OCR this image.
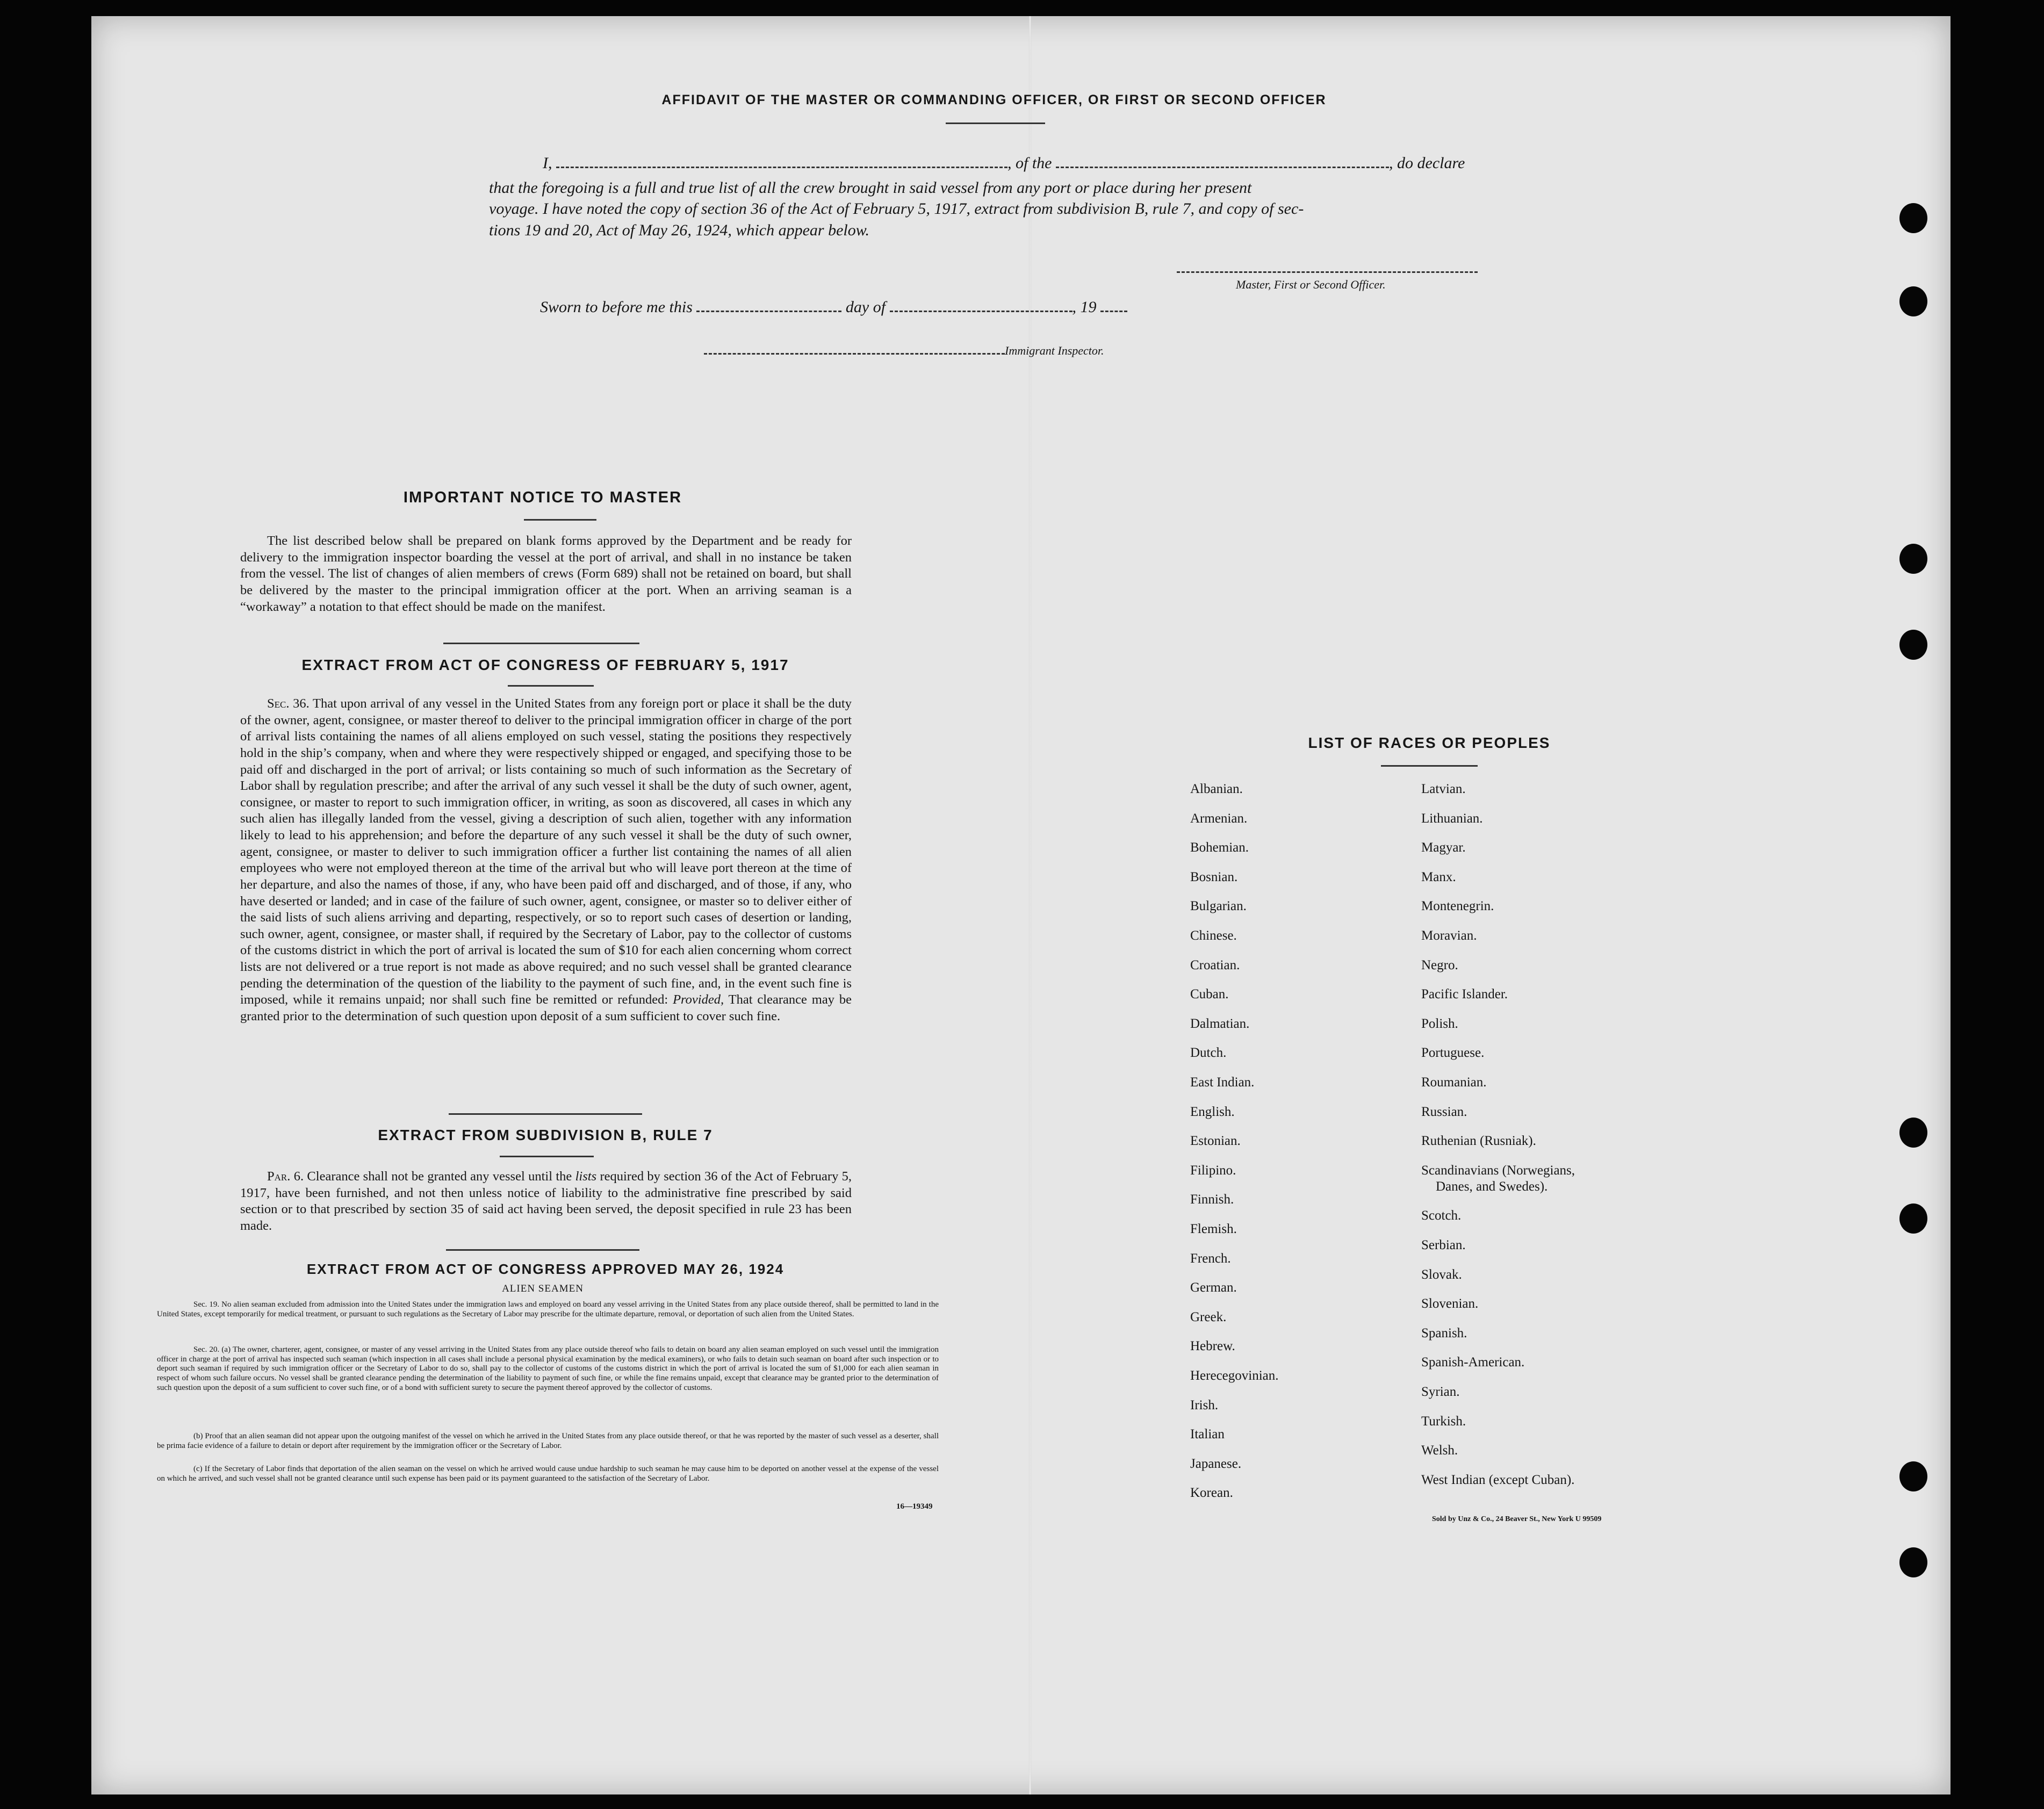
AFFIDAVIT OF THE MASTER OR COMMANDING OFFICER, OR FIRST OR SECOND OFFICER
I,	, of the	, do declare
that the foregoing is a full and true list of all the crew brought in said vessel from any port or place during her present
voyage. I have noted the copy of section 36 of the Act of February 5, 1917, extract from subdivision B, rule 7, and copy of sec-
tions 19 and 20, Act of May 26, 1924, which appear below.
Master, First or Second Officer.
Sworn to before me this	day of	, 19
Immigrant Inspector.
IMPORTANT NOTICE TO MASTER
The list described below shall be prepared on blank forms approved by the Department and be ready for delivery to the immigration inspector boarding the vessel at the port of arrival, and shall in no instance be taken from the vessel. The list of changes of alien members of crews (Form 689) shall not be retained on board, but shall be delivered by the master to the principal immigration officer at the port. When an arriving seaman is a “workaway” a notation to that effect should be made on the manifest.
EXTRACT FROM ACT OF CONGRESS OF FEBRUARY 5, 1917
Sec. 36. That upon arrival of any vessel in the United States from any foreign port or place it shall be the duty of the owner, agent, consignee, or master thereof to deliver to the principal immigration officer in charge of the port of arrival lists containing the names of all aliens employed on such vessel, stating the positions they respectively hold in the ship’s company, when and where they were respectively shipped or engaged, and specifying those to be paid off and discharged in the port of arrival; or lists containing so much of such information as the Secretary of Labor shall by regulation prescribe; and after the arrival of any such vessel it shall be the duty of such owner, agent, consignee, or master to report to such immigration officer, in writing, as soon as discovered, all cases in which any such alien has illegally landed from the vessel, giving a description of such alien, together with any information likely to lead to his apprehension; and before the departure of any such vessel it shall be the duty of such owner, agent, consignee, or master to deliver to such immigration officer a further list containing the names of all alien employees who were not employed thereon at the time of the arrival but who will leave port thereon at the time of her departure, and also the names of those, if any, who have been paid off and discharged, and of those, if any, who have deserted or landed; and in case of the failure of such owner, agent, consignee, or master so to deliver either of the said lists of such aliens arriving and departing, respectively, or so to report such cases of desertion or landing, such owner, agent, consignee, or master shall, if required by the Secretary of Labor, pay to the collector of customs of the customs district in which the port of arrival is located the sum of $10 for each alien concerning whom correct lists are not delivered or a true report is not made as above required; and no such vessel shall be granted clearance pending the determination of the question of the liability to the payment of such fine, and, in the event such fine is imposed, while it remains unpaid; nor shall such fine be remitted or refunded: Provided, That clearance may be granted prior to the determination of such question upon deposit of a sum sufficient to cover such fine.
EXTRACT FROM SUBDIVISION B, RULE 7
Par. 6. Clearance shall not be granted any vessel until the lists required by section 36 of the Act of February 5, 1917, have been furnished, and not then unless notice of liability to the administrative fine prescribed by said section or to that prescribed by section 35 of said act having been served, the deposit specified in rule 23 has been made.
EXTRACT FROM ACT OF CONGRESS APPROVED MAY 26, 1924
ALIEN SEAMEN
Sec. 19. No alien seaman excluded from admission into the United States under the immigration laws and employed on board any vessel arriving in the United States from any place outside thereof, shall be permitted to land in the United States, except temporarily for medical treatment, or pursuant to such regulations as the Secretary of Labor may prescribe for the ultimate departure, removal, or deportation of such alien from the United States.
Sec. 20. (a) The owner, charterer, agent, consignee, or master of any vessel arriving in the United States from any place outside thereof who fails to detain on board any alien seaman employed on such vessel until the immigration officer in charge at the port of arrival has inspected such seaman (which inspection in all cases shall include a personal physical examination by the medical examiners), or who fails to detain such seaman on board after such inspection or to deport such seaman if required by such immigration officer or the Secretary of Labor to do so, shall pay to the collector of customs of the customs district in which the port of arrival is located the sum of $1,000 for each alien seaman in respect of whom such failure occurs. No vessel shall be granted clearance pending the determination of the liability to payment of such fine, or while the fine remains unpaid, except that clearance may be granted prior to the determination of such question upon the deposit of a sum sufficient to cover such fine, or of a bond with sufficient surety to secure the payment thereof approved by the collector of customs.
(b) Proof that an alien seaman did not appear upon the outgoing manifest of the vessel on which he arrived in the United States from any place outside thereof, or that he was reported by the master of such vessel as a deserter, shall be prima facie evidence of a failure to detain or deport after requirement by the immigration officer or the Secretary of Labor.
(c) If the Secretary of Labor finds that deportation of the alien seaman on the vessel on which he arrived would cause undue hardship to such seaman he may cause him to be deported on another vessel at the expense of the vessel on which he arrived, and such vessel shall not be granted clearance until such expense has been paid or its payment guaranteed to the satisfaction of the Secretary of Labor.
16—19349
LIST OF RACES OR PEOPLES
Albanian.
Armenian.
Bohemian.
Bosnian.
Bulgarian.
Chinese.
Croatian.
Cuban.
Dalmatian.
Dutch.
East Indian.
English.
Estonian.
Filipino.
Finnish.
Flemish.
French.
German.
Greek.
Hebrew.
Herecegovinian.
Irish.
Italian
Japanese.
Korean.
Latvian.
Lithuanian.
Magyar.
Manx.
Montenegrin.
Moravian.
Negro.
Pacific Islander.
Polish.
Portuguese.
Roumanian.
Russian.
Ruthenian (Rusniak).
Scandinavians (Norwegians,
Danes, and Swedes).
Scotch.
Serbian.
Slovak.
Slovenian.
Spanish.
Spanish-American.
Syrian.
Turkish.
Welsh.
West Indian (except Cuban).
Sold by Unz & Co., 24 Beaver St., New York U 99509
